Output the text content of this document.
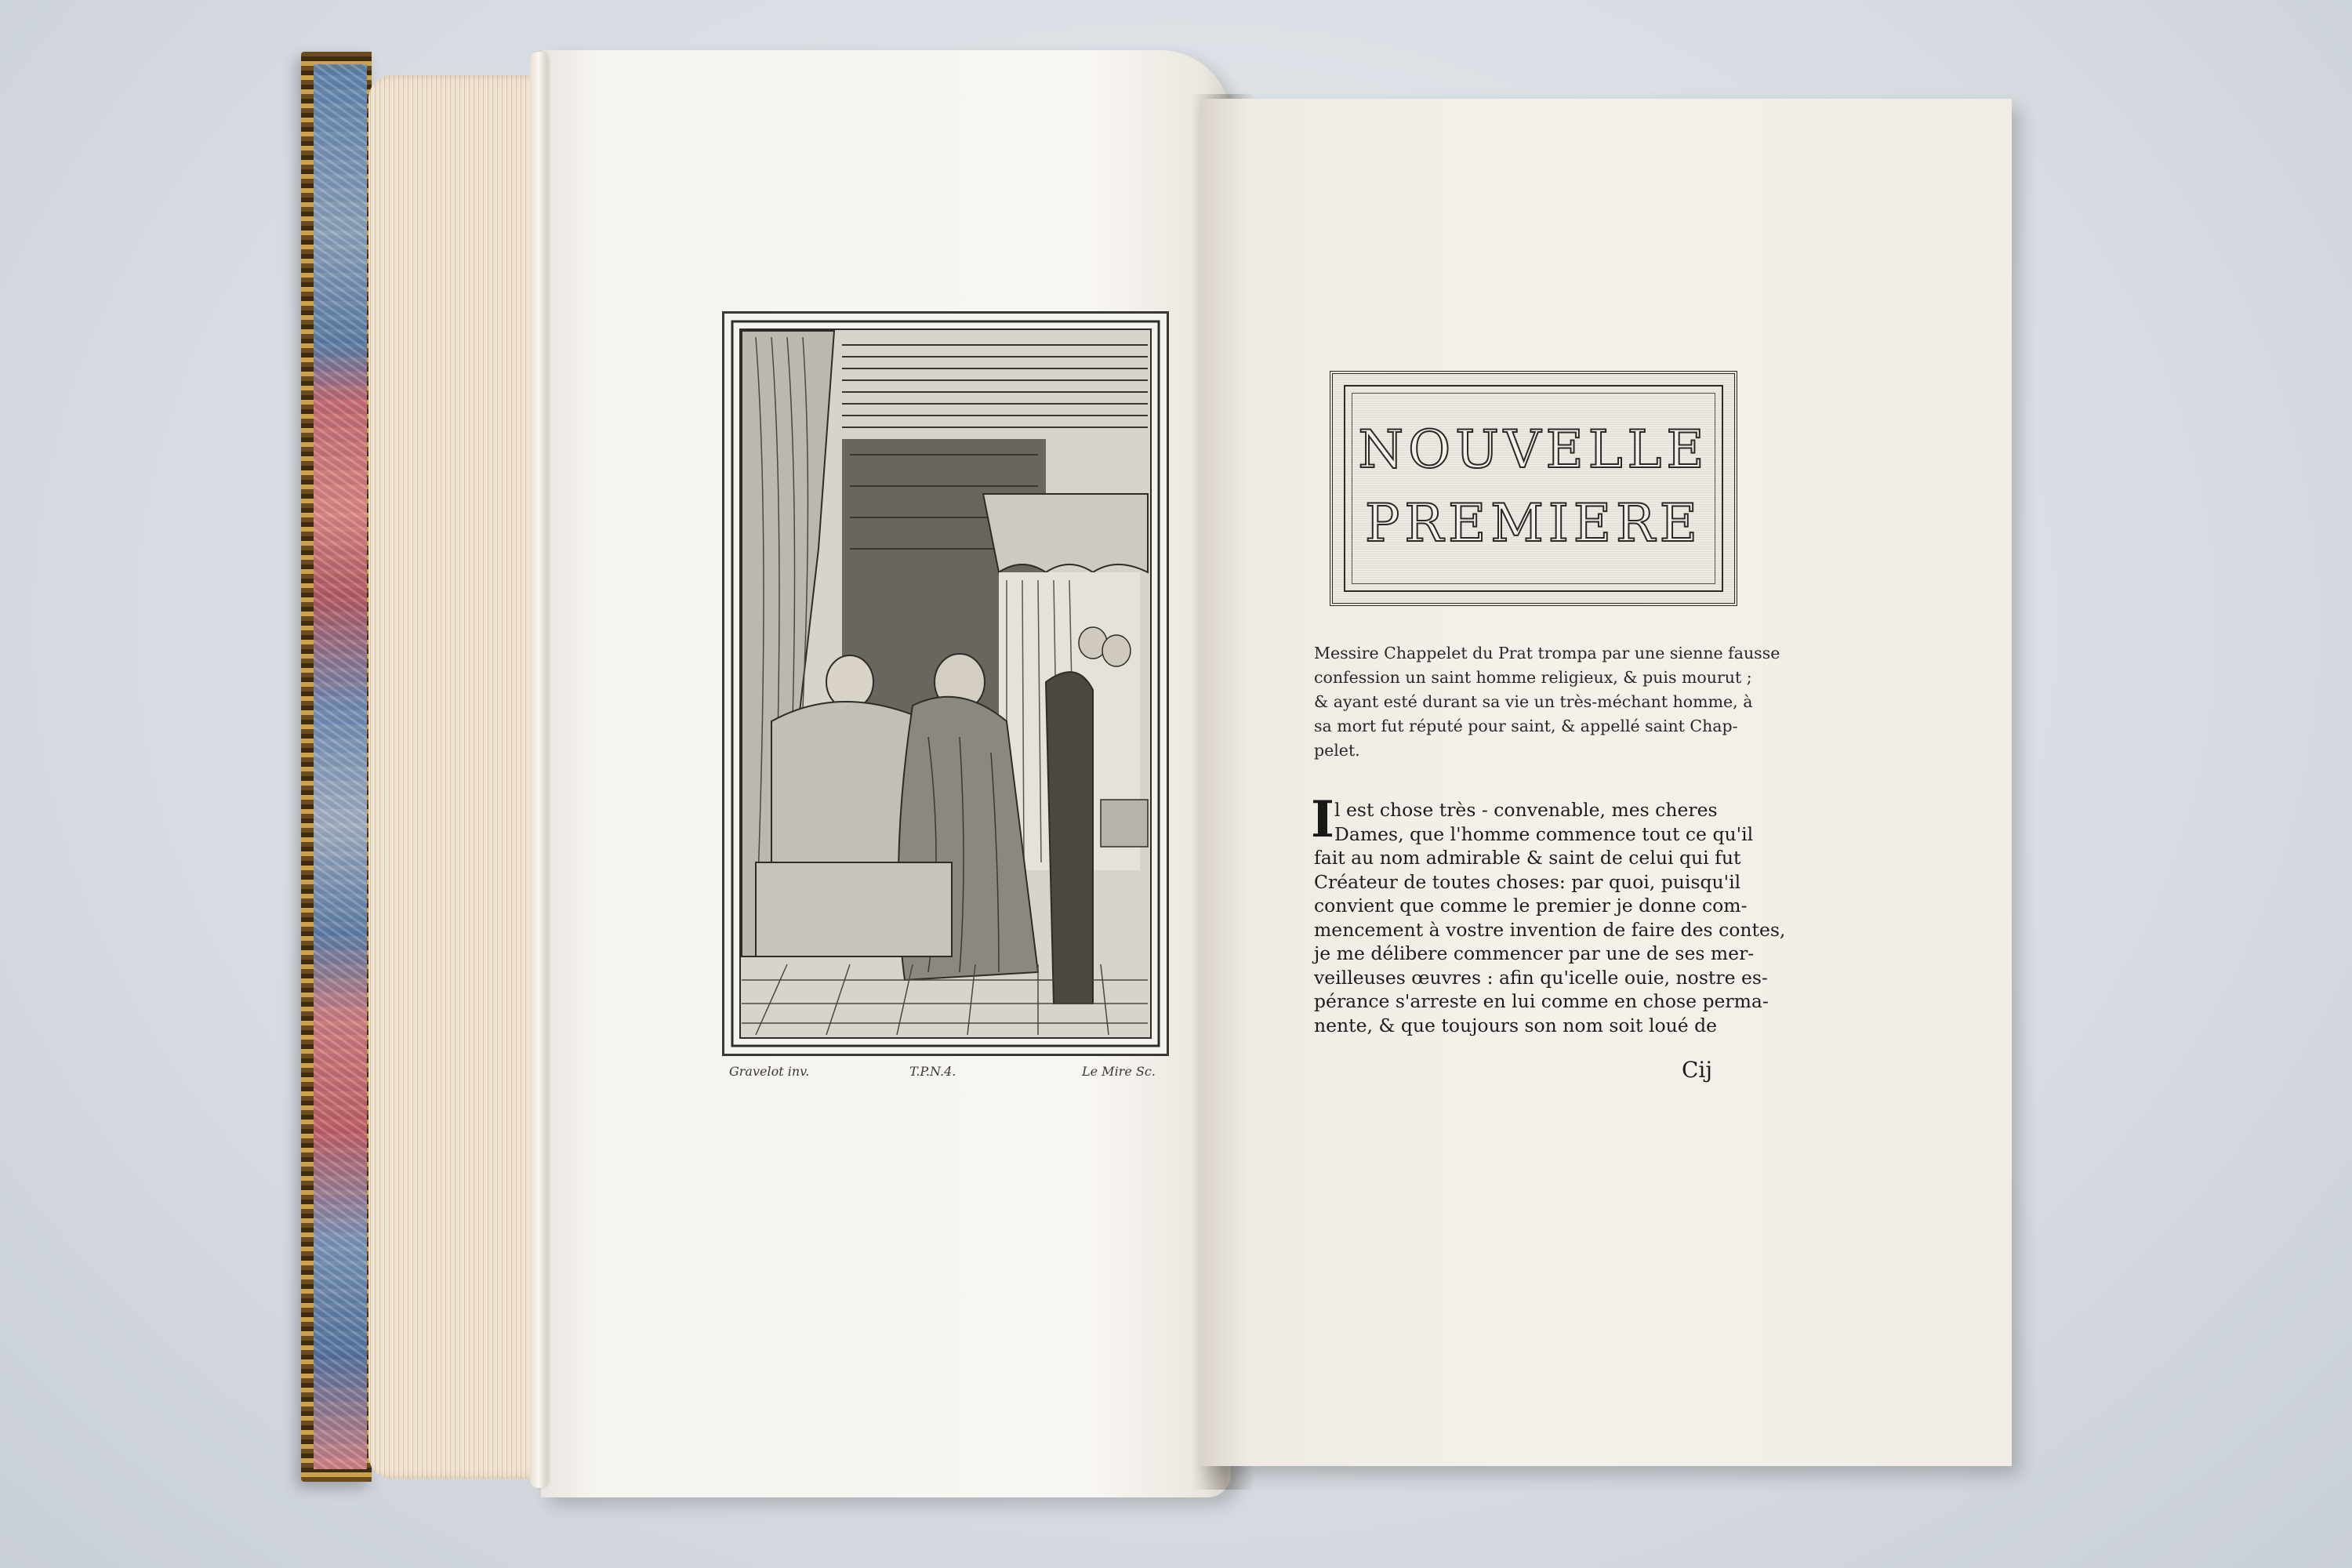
Gravelot inv.	T.P.N.4.	Le Mire Sc.
NOUVELLE
PREMIERE
Messire Chappelet du Prat trompa par une sienne fausse
confession un saint homme religieux, & puis mourut ;
& ayant esté durant sa vie un très-méchant homme, à
sa mort fut réputé pour saint, & appellé saint Chap-
pelet.
I l est chose très - convenable, mes cheres
Dames, que l'homme commence tout ce qu'il
fait au nom admirable & saint de celui qui fut
Créateur de toutes choses: par quoi, puisqu'il
convient que comme le premier je donne com-
mencement à vostre invention de faire des contes,
je me délibere commencer par une de ses mer-
veilleuses œuvres : afin qu'icelle ouie, nostre es-
pérance s'arreste en lui comme en chose perma-
nente, & que toujours son nom soit loué de
Cij
